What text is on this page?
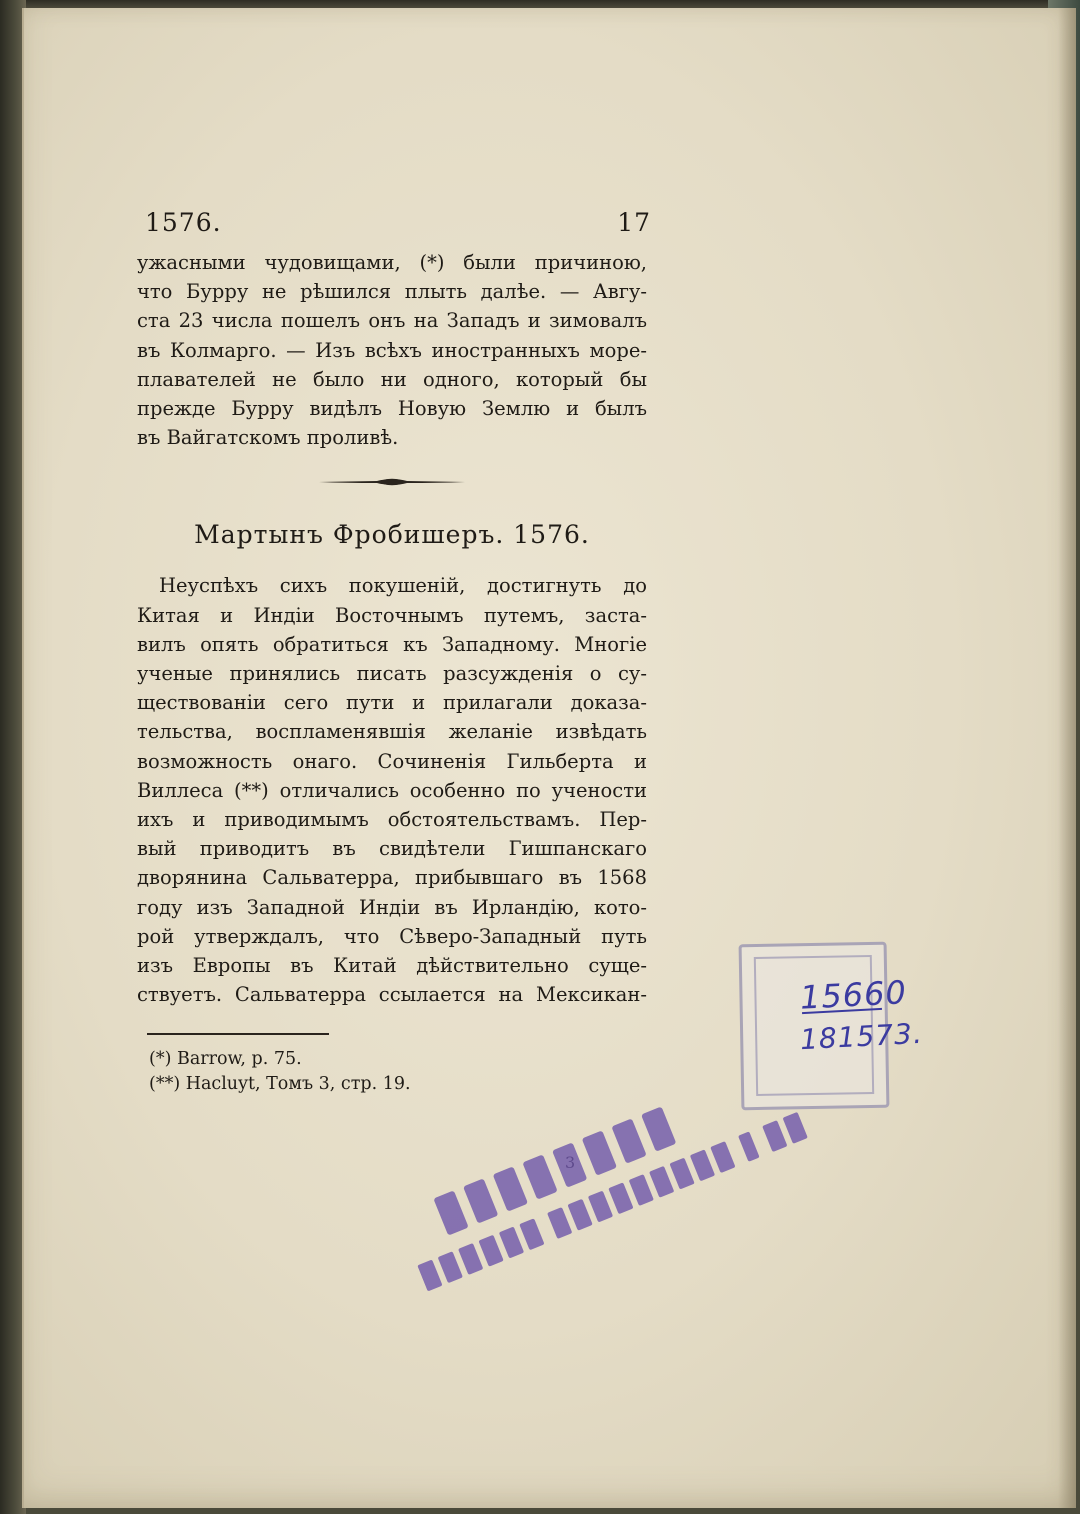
1576.	17
ужасными чудовищами, (*) были причиною,
что Бурру не рѣшился плыть далѣе. — Авгу-
ста 23 числа пошелъ онъ на Западъ и зимовалъ
въ Колмарго. — Изъ всѣхъ иностранныхъ море-
плавателей не было ни одного, который бы
прежде Бурру видѣлъ Новую Землю и былъ
въ Вайгатскомъ проливѣ.
Мартынъ Фробишеръ. 1576.
Неуспѣхъ сихъ покушеній, достигнуть до
Китая и Индіи Восточнымъ путемъ, застa-
вилъ опять обратиться къ Западному. Многіе
ученые принялись писать разсужденія о су-
ществованіи сего пути и прилагали доказa-
тельства, воспламенявшія желаніе извѣдать
возможность онаго. Сочиненія Гильберта и
Виллеса (**) отличались особенно по учености
ихъ и приводимымъ обстоятельствамъ. Пер-
вый приводитъ въ свидѣтели Гишпанскаго
дворянина Сальватерра, прибывшаго въ 1568
году изъ Западной Индіи въ Ирландію, кото-
рой утверждалъ, что Сѣверо-Западный путь
изъ Европы въ Китай дѣйствительно суще-
ствуетъ. Сальватерра ссылается на Мексикан-
(*) Barrow, p. 75.
(**) Hacluyt, Томъ 3, стр. 19.
15660
181573.
